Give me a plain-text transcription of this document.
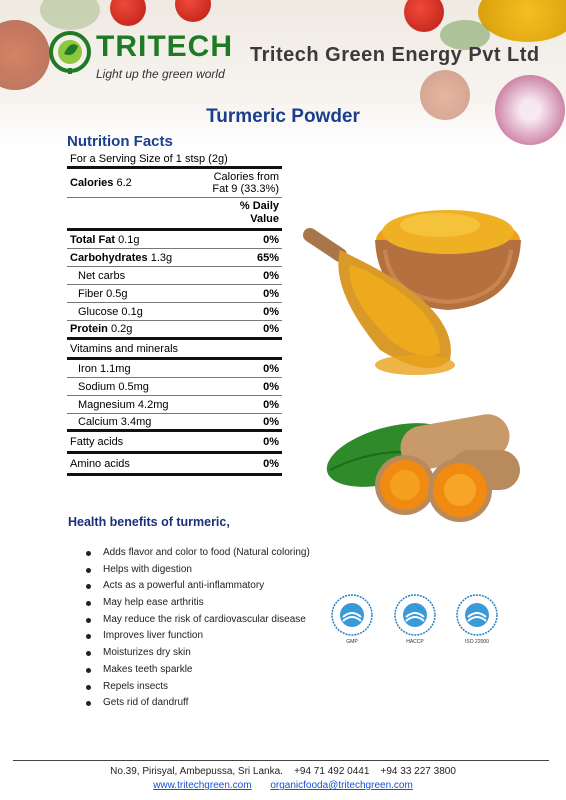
TRITECH
Light up the green world
Tritech Green Energy Pvt Ltd
Turmeric Powder
Nutrition Facts
For a Serving Size of 1 stsp (2g)
Calories 6.2	Calories from
Fat 9 (33.3%)
% Daily
Value
Total Fat 0.1g	0%
Carbohydrates 1.3g	65%
Net carbs	0%
Fiber 0.5g	0%
Glucose 0.1g	0%
Protein 0.2g	0%
Vitamins and minerals
Iron 1.1mg	0%
Sodium 0.5mg	0%
Magnesium 4.2mg	0%
Calcium 3.4mg	0%
Fatty acids	0%
Amino acids	0%
Health benefits of turmeric,
Adds flavor and color to food (Natural coloring)
Helps with digestion
Acts as a powerful anti-inflammatory
May help ease arthritis
May reduce the risk of cardiovascular disease
Improves liver function
Moisturizes dry skin
Makes teeth sparkle
Repels insects
Gets rid of dandruff
GMP	HACCP	ISO 22000
No.39, Pirisyal, Ambepussa, Sri Lanka.    +94 71 492 0441    +94 33 227 3800
www.tritechgreen.com organicfooda@tritechgreen.com
